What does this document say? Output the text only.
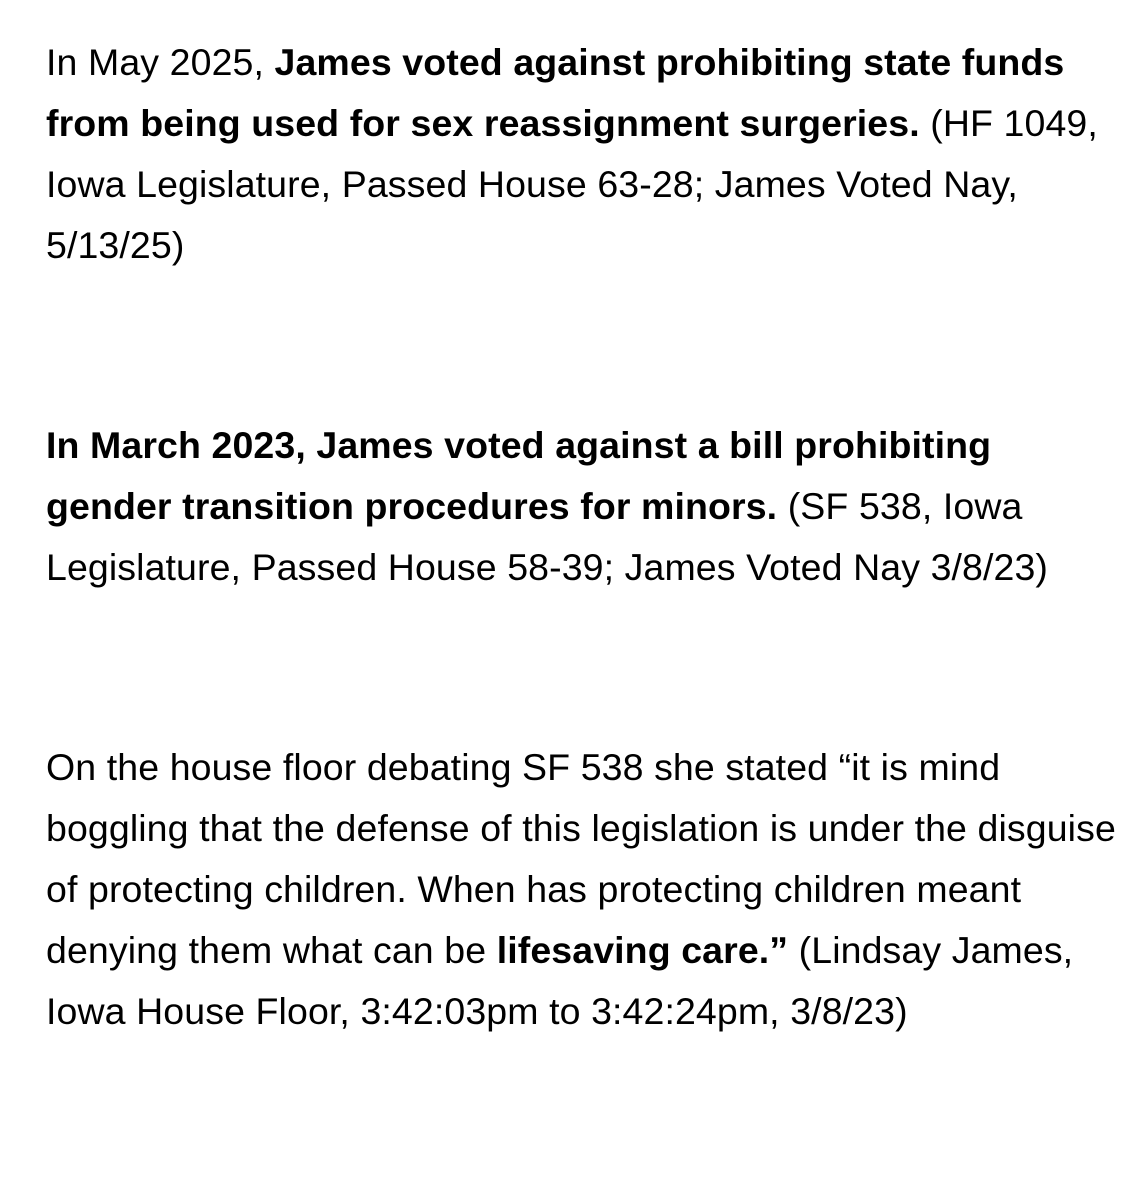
In May 2025, James voted against prohibiting state funds from being used for sex reassignment surgeries. (HF 1049, Iowa Legislature, Passed House 63-28; James Voted Nay, 5/13/25)

In March 2023, James voted against a bill prohibiting gender transition procedures for minors. (SF 538, Iowa Legislature, Passed House 58-39; James Voted Nay 3/8/23)

On the house floor debating SF 538 she stated “it is mind boggling that the defense of this legislation is under the disguise of protecting children. When has protecting children meant denying them what can be lifesaving care.” (Lindsay James, Iowa House Floor, 3:42:03pm to 3:42:24pm, 3/8/23)
